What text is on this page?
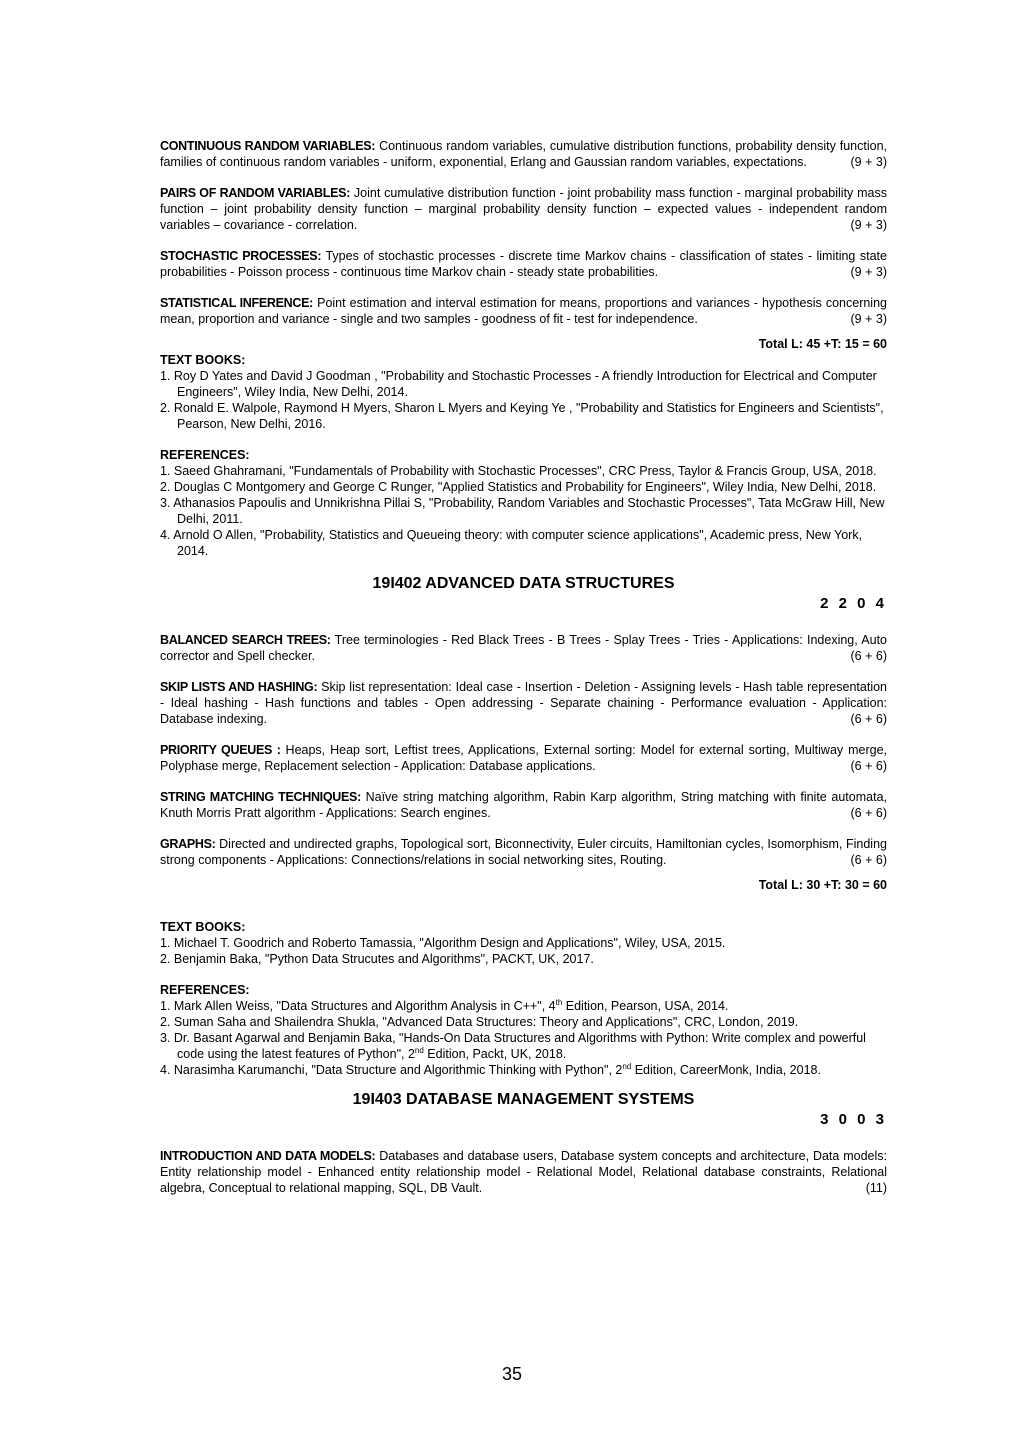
CONTINUOUS RANDOM VARIABLES: Continuous random variables, cumulative distribution functions, probability density function, families of continuous random variables - uniform, exponential, Erlang and Gaussian random variables, expectations.	(9 + 3)

PAIRS OF RANDOM VARIABLES: Joint cumulative distribution function - joint probability mass function - marginal probability mass function – joint probability density function – marginal probability density function – expected values - independent random variables – covariance - correlation.	(9 + 3)

STOCHASTIC PROCESSES: Types of stochastic processes - discrete time Markov chains - classification of states - limiting state probabilities - Poisson process - continuous time Markov chain - steady state probabilities.	(9 + 3)

STATISTICAL INFERENCE: Point estimation and interval estimation for means, proportions and variances - hypothesis concerning mean, proportion and variance - single and two samples - goodness of fit - test for independence.	(9 + 3)

Total L: 45 +T: 15 = 60

TEXT BOOKS:

1. Roy D Yates and David J Goodman , "Probability and Stochastic Processes - A friendly Introduction for Electrical and Computer Engineers", Wiley India, New Delhi, 2014.
2. Ronald E. Walpole, Raymond H Myers, Sharon L Myers and Keying Ye , "Probability and Statistics for Engineers and Scientists", Pearson, New Delhi, 2016.

REFERENCES:

1. Saeed Ghahramani, "Fundamentals of Probability with Stochastic Processes", CRC Press, Taylor & Francis Group, USA, 2018.
2. Douglas C Montgomery and George C Runger, "Applied Statistics and Probability for Engineers", Wiley India, New Delhi, 2018.
3. Athanasios Papoulis and Unnikrishna Pillai S, "Probability, Random Variables and Stochastic Processes", Tata McGraw Hill, New Delhi, 2011.
4. Arnold O Allen, "Probability, Statistics and Queueing theory: with computer science applications", Academic press, New York, 2014.

19I402 ADVANCED DATA STRUCTURES

2 2 0 4

BALANCED SEARCH TREES: Tree terminologies - Red Black Trees - B Trees - Splay Trees - Tries - Applications: Indexing, Auto corrector and Spell checker.	(6 + 6)

SKIP LISTS AND HASHING: Skip list representation: Ideal case - Insertion - Deletion - Assigning levels - Hash table representation - Ideal hashing - Hash functions and tables - Open addressing - Separate chaining - Performance evaluation - Application: Database indexing.	(6 + 6)

PRIORITY QUEUES : Heaps, Heap sort, Leftist trees, Applications, External sorting: Model for external sorting, Multiway merge, Polyphase merge, Replacement selection - Application: Database applications.	(6 + 6)

STRING MATCHING TECHNIQUES: Naïve string matching algorithm, Rabin Karp algorithm, String matching with finite automata, Knuth Morris Pratt algorithm - Applications: Search engines.	(6 + 6)

GRAPHS: Directed and undirected graphs, Topological sort, Biconnectivity, Euler circuits, Hamiltonian cycles, Isomorphism, Finding strong components - Applications: Connections/relations in social networking sites, Routing.	(6 + 6)

Total L: 30 +T: 30 = 60

TEXT BOOKS:

1. Michael T. Goodrich and Roberto Tamassia, "Algorithm Design and Applications", Wiley, USA, 2015.
2. Benjamin Baka, "Python Data Strucutes and Algorithms", PACKT, UK, 2017.

REFERENCES:

1. Mark Allen Weiss, "Data Structures and Algorithm Analysis in C++", 4th Edition, Pearson, USA, 2014.
2. Suman Saha and Shailendra Shukla, "Advanced Data Structures: Theory and Applications", CRC, London, 2019.
3. Dr. Basant Agarwal and Benjamin Baka, "Hands-On Data Structures and Algorithms with Python: Write complex and powerful code using the latest features of Python", 2nd Edition, Packt, UK, 2018.
4. Narasimha Karumanchi, "Data Structure and Algorithmic Thinking with Python", 2nd Edition, CareerMonk, India, 2018.

19I403 DATABASE MANAGEMENT SYSTEMS

3 0 0 3

INTRODUCTION AND DATA MODELS: Databases and database users, Database system concepts and architecture, Data models: Entity relationship model - Enhanced entity relationship model - Relational Model, Relational database constraints, Relational algebra, Conceptual to relational mapping, SQL, DB Vault.	(11)

35
